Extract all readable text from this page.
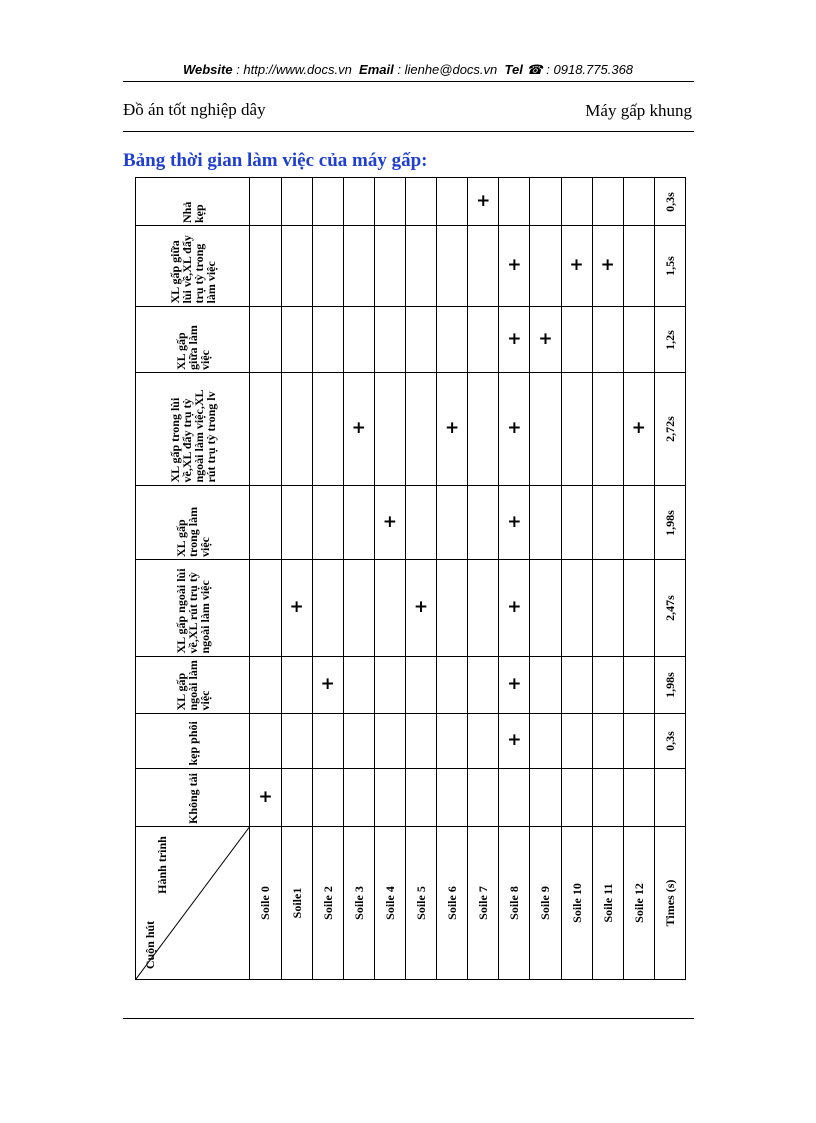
Website : http://www.docs.vn Email : lienhe@docs.vn Tel ☎ : 0918.775.368
Đồ án tốt nghiệp dây	Máy gấp khung
Bảng thời gian làm việc của máy gấp:
Nhả kẹp								+						0,3s

XL gấp giữa lùi về,XL đẩy trụ tỳ trong làm việc									+		+	+		1,5s

XL gấp giữa làm việc									+	+				1,2s

XL gấp trong lùi về,XL đẩy trụ tỳ ngoài làm việc,XL rút trụ tỳ trong lv				+			+		+				+	2,72s

XL gấp trong làm việc					+				+					1,98s

XL gấp ngoài lùi về,XL rút trụ tỳ ngoài làm việc		+				+			+					2,47s

XL gấp ngoài làm việc			+						+					1,98s

kẹp phôi									+					0,3s

Không tải	+													

Hành trình
Cuộn hút	Soile 0	Soile1	Soile 2	Soile 3	Soile 4	Soile 5	Soile 6	Soile 7	Soile 8	Soile 9	Soile 10	Soile 11	Soile 12	Times (s)
